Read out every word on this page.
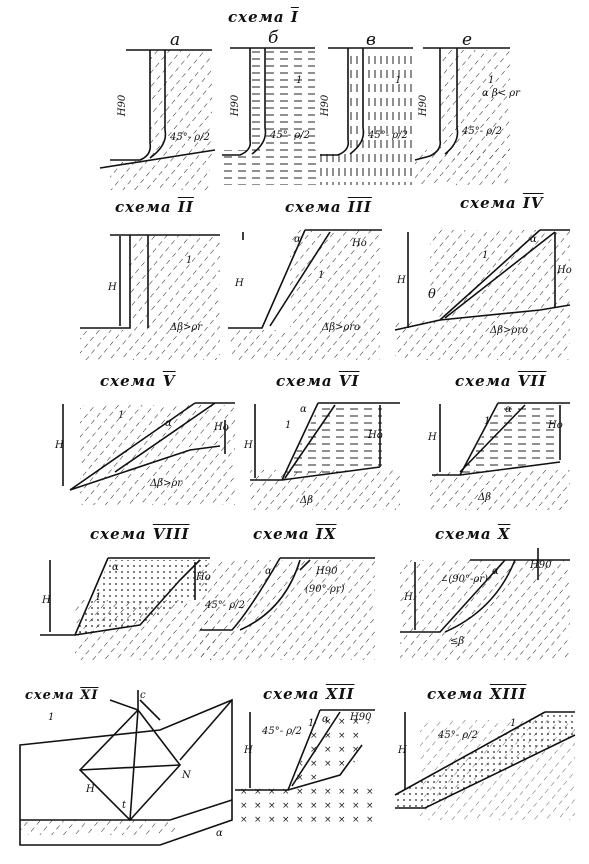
схема $\overline{I}$
а	б	в	е
схема $\overline{II}$	схема $\overline{III}$	схема $\overline{IV}$
схема $\overline{V}$	схема $\overline{VI}$	схема $\overline{VII}$
схема VIII	схема $\overline{IX}$	схема $\overline{X}$
схема $\overline{XI}$	схема $\overline{XII}$	схема XIII
Н90
45°- ρ/2
Н90
45°- ρ/2
1
Н90
45°- ρ/2
1
Н90
45°- ρ/2
1
α β< ρr
Н
1
Δβ>ρr
α
Н
Но
1
Δβ>ρro
α
Н
Но
1
θ
Δβ>ρro
α
1
Н
Но
Δβ>ρr
α
1
Н
Но
Δβ
α
1
Н
Но
Δβ
α
1
Н
Но
α	Н90
(90°-ρr)
45°- ρ/2
α
Н
Н90
∠(90°-ρr)
≤β
1
с
Н
N
t
α
α
1
Н
Н90
45°- ρ/2
1
Н
45°- ρ/2
